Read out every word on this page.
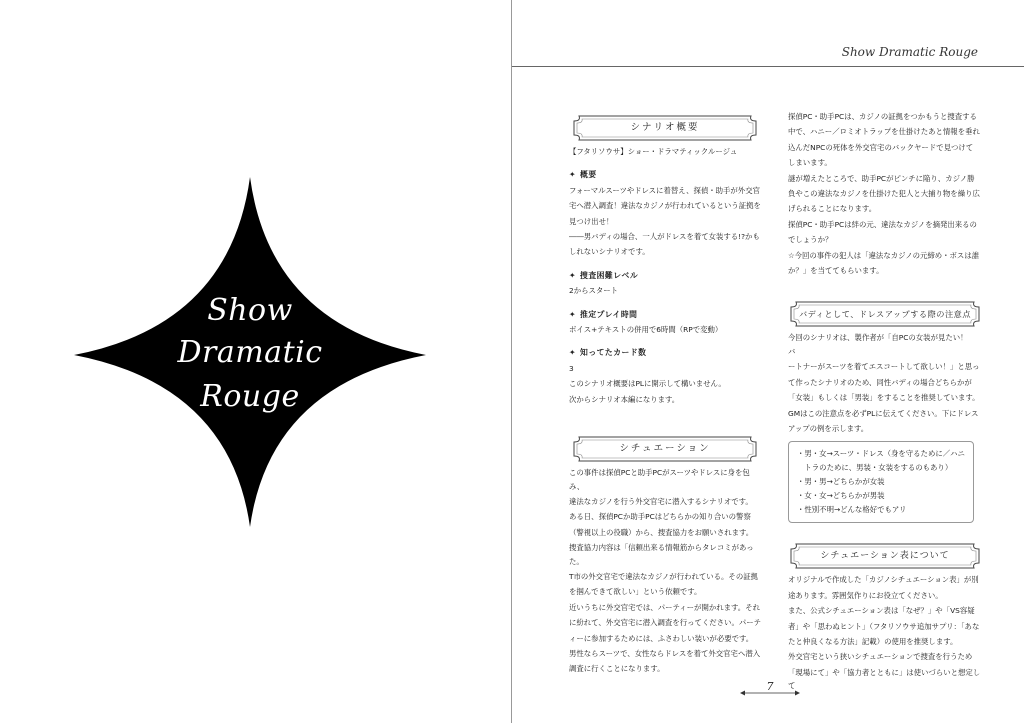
Show
Dramatic
Rouge
Show Dramatic Rouge
シナリオ概要

【フタリソウサ】ショー・ドラマティックルージュ

✦ 概要

フォーマルスーツやドレスに着替え、探偵・助手が外交官

宅へ潜入調査！違法なカジノが行われているという証拠を

見つけ出せ！

――男バディの場合、一人がドレスを着て女装する!?かも

しれないシナリオです。

✦ 捜査困難レベル

2からスタート

✦ 推定プレイ時間

ボイス+テキストの併用で6時間（RPで変動）

✦ 知ってたカード数

3

このシナリオ概要はPLに開示して構いません。

次からシナリオ本編になります。

シチュエーション

この事件は探偵PCと助手PCがスーツやドレスに身を包み、

違法なカジノを行う外交官宅に潜入するシナリオです。

ある日、探偵PCか助手PCはどちらかの知り合いの警察

（警視以上の役職）から、捜査協力をお願いされます。

捜査協力内容は「信頼出来る情報筋からタレコミがあった。

T市の外交官宅で違法なカジノが行われている。その証拠

を掴んできて欲しい」という依頼です。

近いうちに外交官宅では、パーティーが開かれます。それ

に紛れて、外交官宅に潜入調査を行ってください。パーテ

ィーに参加するためには、ふさわしい装いが必要です。

男性ならスーツで、女性ならドレスを着て外交官宅へ潜入

調査に行くことになります。

探偵PC・助手PCは、カジノの証拠をつかもうと捜査する

中で、ハニー／ロミオトラップを仕掛けたあと情報を垂れ

込んだNPCの死体を外交官宅のバックヤードで見つけて

しまいます。

謎が増えたところで、助手PCがピンチに陥り、カジノ勝

負やこの違法なカジノを仕掛けた犯人と大捕り物を繰り広

げられることになります。

探偵PC・助手PCは絆の元、違法なカジノを摘発出来るの

でしょうか？

☆今回の事件の犯人は「違法なカジノの元締め・ボスは誰

か？」を当ててもらいます。

バディとして、ドレスアップする際の注意点

今回のシナリオは、製作者が「自PCの女装が見たい！　バ

ートナーがスーツを着てエスコートして欲しい！」と思っ

て作ったシナリオのため、同性バディの場合どちらかが

「女装」もしくは「男装」をすることを推奨しています。

GMはこの注意点を必ずPLに伝えてください。下にドレス

アップの例を示します。

・男・女→スーツ・ドレス（身を守るために／ハニ
　トラのために、男装・女装をするのもあり）
・男・男→どちらかが女装
・女・女→どちらかが男装
・性別不明→どんな格好でもアリ
シチュエーション表について

オリジナルで作成した「カジノシチュエーション表」が別

途あります。雰囲気作りにお役立てください。

また、公式シチュエーション表は「なぜ？」や「VS容疑

者」や「思わぬヒント」（フタリソウサ追加サプリ：「あな

たと仲良くなる方法」記載）の使用を推奨します。

外交官宅という狭いシチュエーションで捜査を行うため

「現場にて」や「協力者とともに」は使いづらいと想定して

7
